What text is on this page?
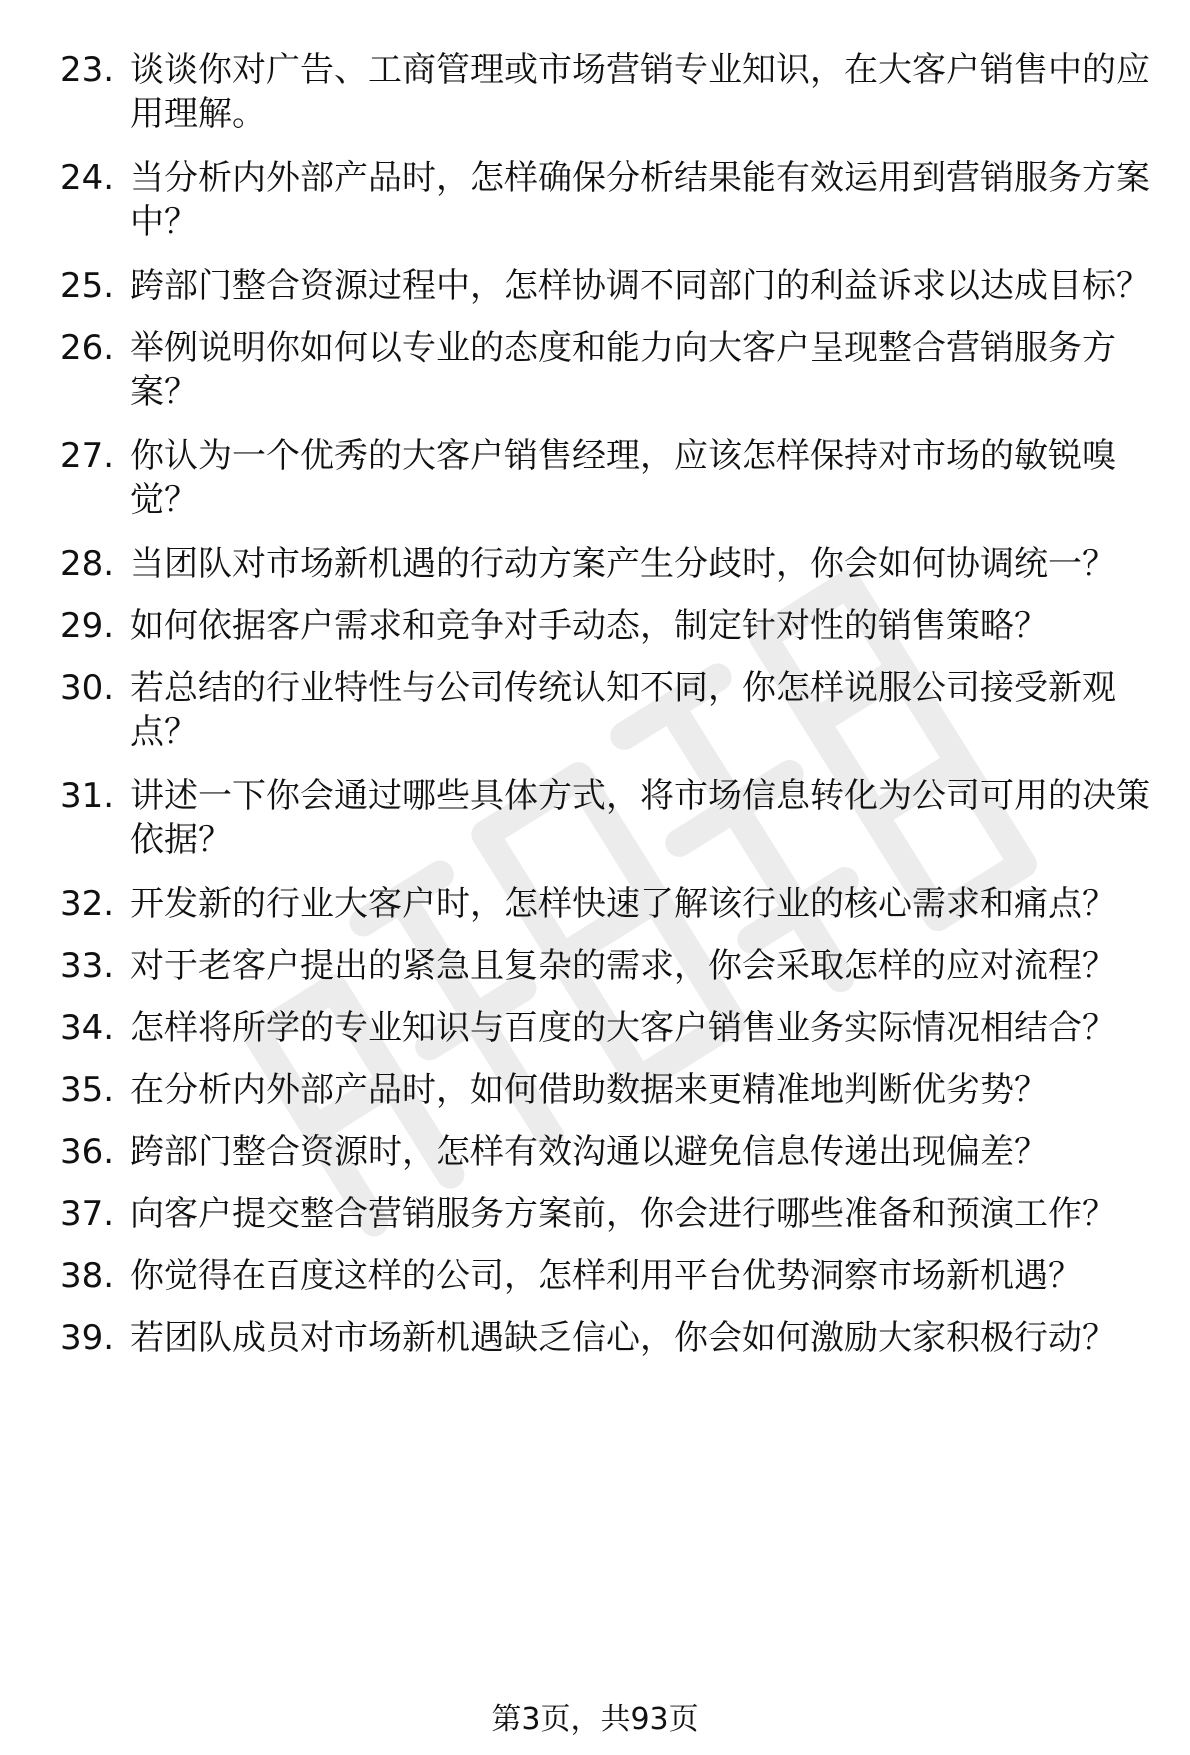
23. 谈谈你对广告、工商管理或市场营销专业知识，在大客户销售中的应用理解。
24. 当分析内外部产品时，怎样确保分析结果能有效运用到营销服务方案中？
25. 跨部门整合资源过程中，怎样协调不同部门的利益诉求以达成目标？
26. 举例说明你如何以专业的态度和能力向大客户呈现整合营销服务方案？
27. 你认为一个优秀的大客户销售经理，应该怎样保持对市场的敏锐嗅觉？
28. 当团队对市场新机遇的行动方案产生分歧时，你会如何协调统一？
29. 如何依据客户需求和竞争对手动态，制定针对性的销售策略？
30. 若总结的行业特性与公司传统认知不同，你怎样说服公司接受新观点？
31. 讲述一下你会通过哪些具体方式，将市场信息转化为公司可用的决策依据？
32. 开发新的行业大客户时，怎样快速了解该行业的核心需求和痛点？
33. 对于老客户提出的紧急且复杂的需求，你会采取怎样的应对流程？
34. 怎样将所学的专业知识与百度的大客户销售业务实际情况相结合？
35. 在分析内外部产品时，如何借助数据来更精准地判断优劣势？
36. 跨部门整合资源时，怎样有效沟通以避免信息传递出现偏差？
37. 向客户提交整合营销服务方案前，你会进行哪些准备和预演工作？
38. 你觉得在百度这样的公司，怎样利用平台优势洞察市场新机遇？
39. 若团队成员对市场新机遇缺乏信心，你会如何激励大家积极行动？
第3页，共93页
